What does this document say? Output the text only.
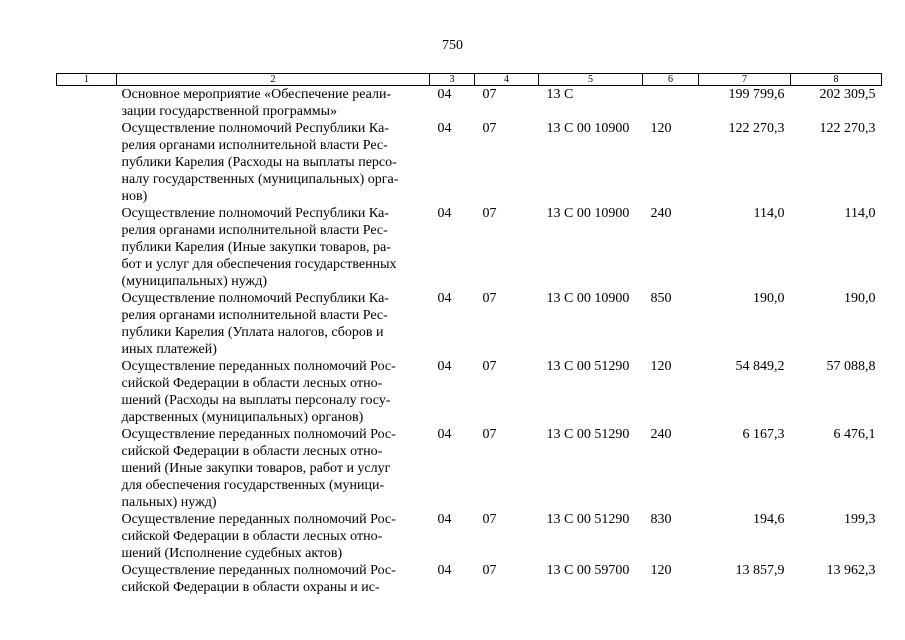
750
1	2	3	4	5	6	7	8

	Основное мероприятие «Обеспечение реали-
зации государственной программы»	04	07	13 С		199 799,6	202 309,5

	Осуществление полномочий Республики Ка-
релия органами исполнительной власти Рес-
публики Карелия (Расходы на выплаты персо-
налу государственных (муниципальных) орга-
нов)	04	07	13 С 00 10900	120	122 270,3	122 270,3

	Осуществление полномочий Республики Ка-
релия органами исполнительной власти Рес-
публики Карелия (Иные закупки товаров, ра-
бот и услуг для обеспечения государственных
(муниципальных) нужд)	04	07	13 С 00 10900	240	114,0	114,0

	Осуществление полномочий Республики Ка-
релия органами исполнительной власти Рес-
публики Карелия (Уплата налогов, сборов и
иных платежей)	04	07	13 С 00 10900	850	190,0	190,0

	Осуществление переданных полномочий Рос-
сийской Федерации в области лесных отно-
шений (Расходы на выплаты персоналу госу-
дарственных (муниципальных) органов)	04	07	13 С 00 51290	120	54 849,2	57 088,8

	Осуществление переданных полномочий Рос-
сийской Федерации в области лесных отно-
шений (Иные закупки товаров, работ и услуг
для обеспечения государственных (муници-
пальных) нужд)	04	07	13 С 00 51290	240	6 167,3	6 476,1

	Осуществление переданных полномочий Рос-
сийской Федерации в области лесных отно-
шений (Исполнение судебных актов)	04	07	13 С 00 51290	830	194,6	199,3

	Осуществление переданных полномочий Рос-
сийской Федерации в области охраны и ис-	04	07	13 С 00 59700	120	13 857,9	13 962,3
